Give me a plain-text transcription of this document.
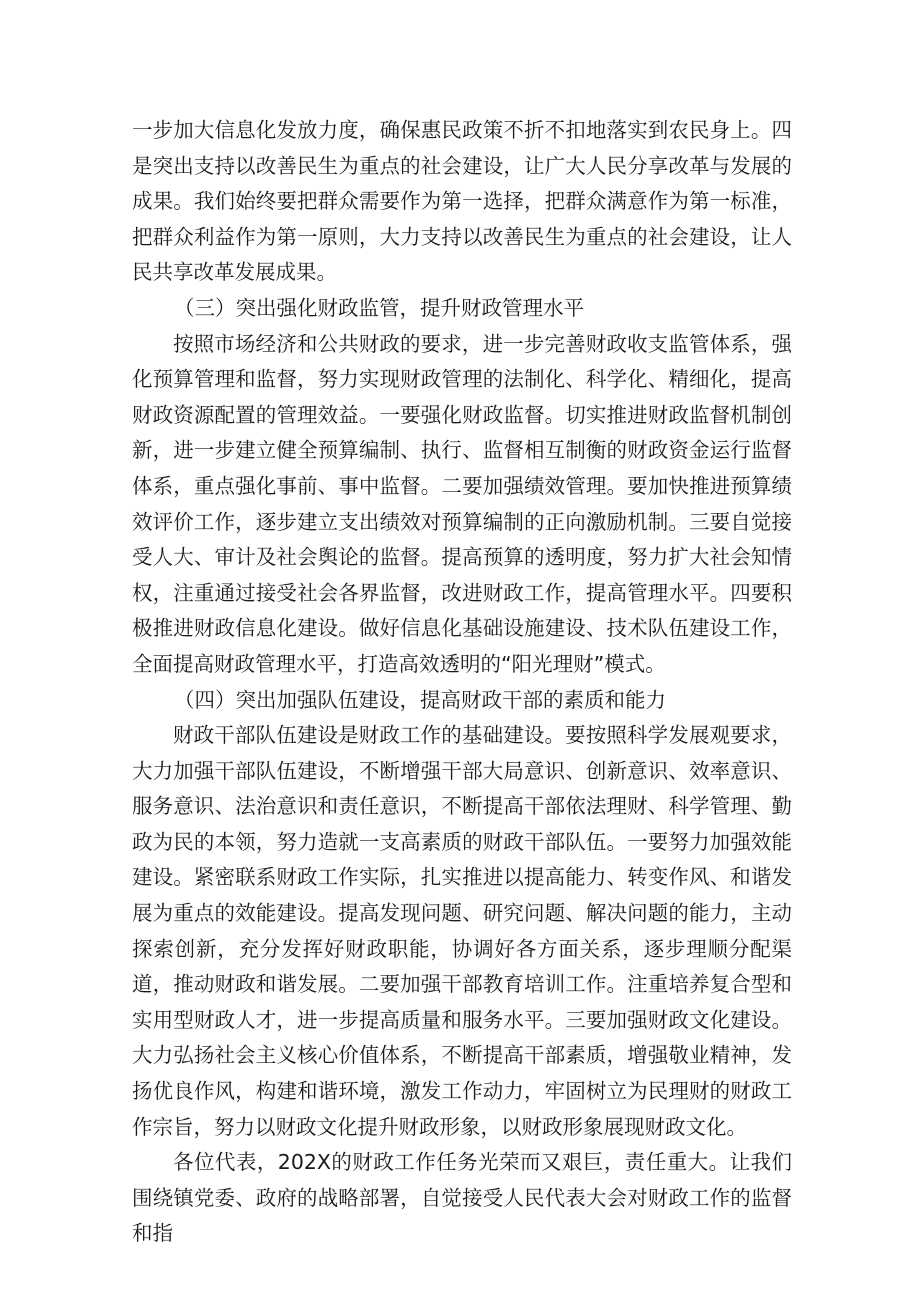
一步加大信息化发放力度，确保惠民政策不折不扣地落实到农民身上。四是突出支持以改善民生为重点的社会建设，让广大人民分享改革与发展的成果。我们始终要把群众需要作为第一选择，把群众满意作为第一标准，把群众利益作为第一原则，大力支持以改善民生为重点的社会建设，让人民共享改革发展成果。

（三）突出强化财政监管，提升财政管理水平

按照市场经济和公共财政的要求，进一步完善财政收支监管体系，强化预算管理和监督，努力实现财政管理的法制化、科学化、精细化，提高财政资源配置的管理效益。一要强化财政监督。切实推进财政监督机制创新，进一步建立健全预算编制、执行、监督相互制衡的财政资金运行监督体系，重点强化事前、事中监督。二要加强绩效管理。要加快推进预算绩效评价工作，逐步建立支出绩效对预算编制的正向激励机制。三要自觉接受人大、审计及社会舆论的监督。提高预算的透明度，努力扩大社会知情权，注重通过接受社会各界监督，改进财政工作，提高管理水平。四要积极推进财政信息化建设。做好信息化基础设施建设、技术队伍建设工作，全面提高财政管理水平，打造高效透明的“阳光理财”模式。

（四）突出加强队伍建设，提高财政干部的素质和能力

财政干部队伍建设是财政工作的基础建设。要按照科学发展观要求，大力加强干部队伍建设，不断增强干部大局意识、创新意识、效率意识、服务意识、法治意识和责任意识，不断提高干部依法理财、科学管理、勤政为民的本领，努力造就一支高素质的财政干部队伍。一要努力加强效能建设。紧密联系财政工作实际，扎实推进以提高能力、转变作风、和谐发展为重点的效能建设。提高发现问题、研究问题、解决问题的能力，主动探索创新，充分发挥好财政职能，协调好各方面关系，逐步理顺分配渠道，推动财政和谐发展。二要加强干部教育培训工作。注重培养复合型和实用型财政人才，进一步提高质量和服务水平。三要加强财政文化建设。大力弘扬社会主义核心价值体系，不断提高干部素质，增强敬业精神，发扬优良作风，构建和谐环境，激发工作动力，牢固树立为民理财的财政工作宗旨，努力以财政文化提升财政形象，以财政形象展现财政文化。

各位代表，202X的财政工作任务光荣而又艰巨，责任重大。让我们围绕镇党委、政府的战略部署，自觉接受人民代表大会对财政工作的监督和指
